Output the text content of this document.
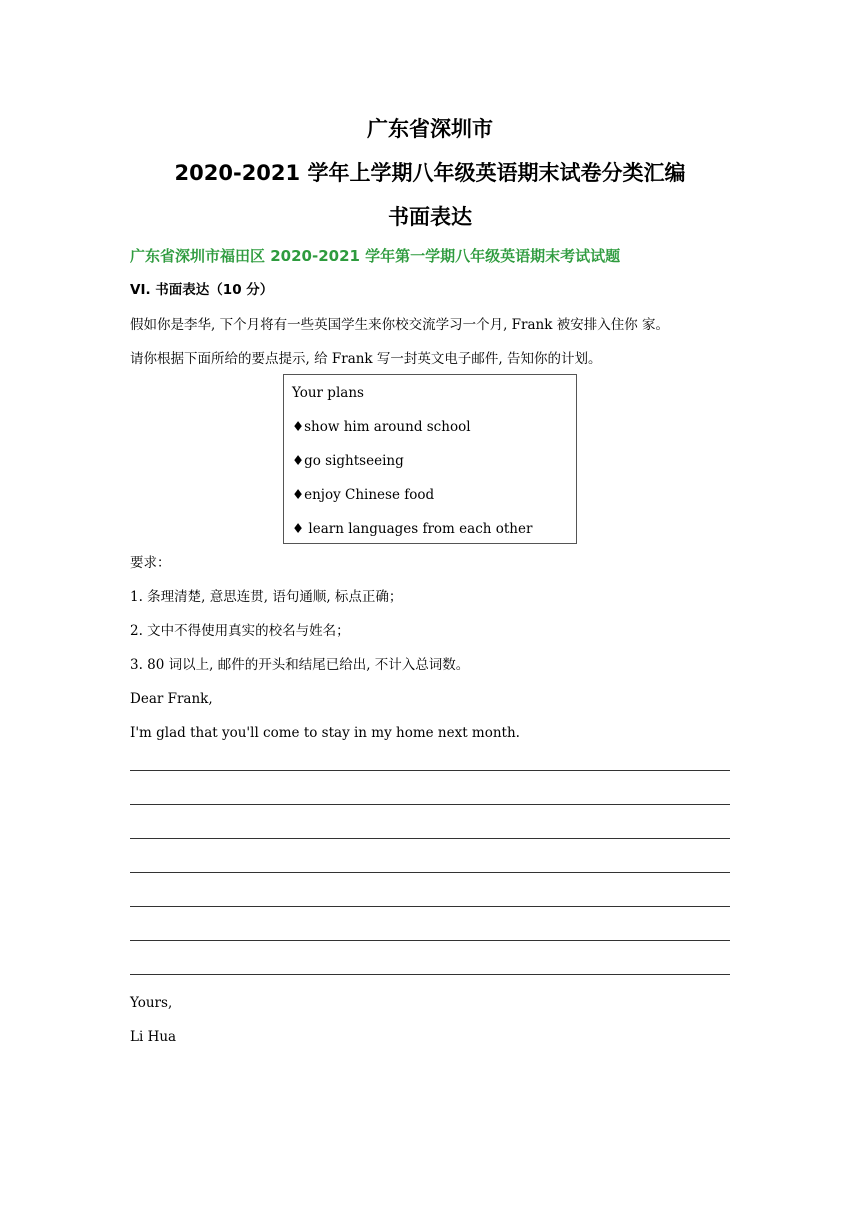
广东省深圳市
2020-2021 学年上学期八年级英语期末试卷分类汇编
书面表达
广东省深圳市福田区 2020-2021 学年第一学期八年级英语期末考试试题
VI. 书面表达（10 分）
假如你是李华, 下个月将有一些英国学生来你校交流学习一个月, Frank 被安排入住你 家。
请你根据下面所给的要点提示, 给 Frank 写一封英文电子邮件, 告知你的计划。
Your plans
♦show him around school
♦go sightseeing
♦enjoy Chinese food
♦ learn languages from each other
要求：
1. 条理清楚, 意思连贯, 语句通顺, 标点正确；
2. 文中不得使用真实的校名与姓名；
3. 80 词以上, 邮件的开头和结尾已给出, 不计入总词数。
Dear Frank,
I'm glad that you'll come to stay in my home next month.
Yours,
Li Hua
